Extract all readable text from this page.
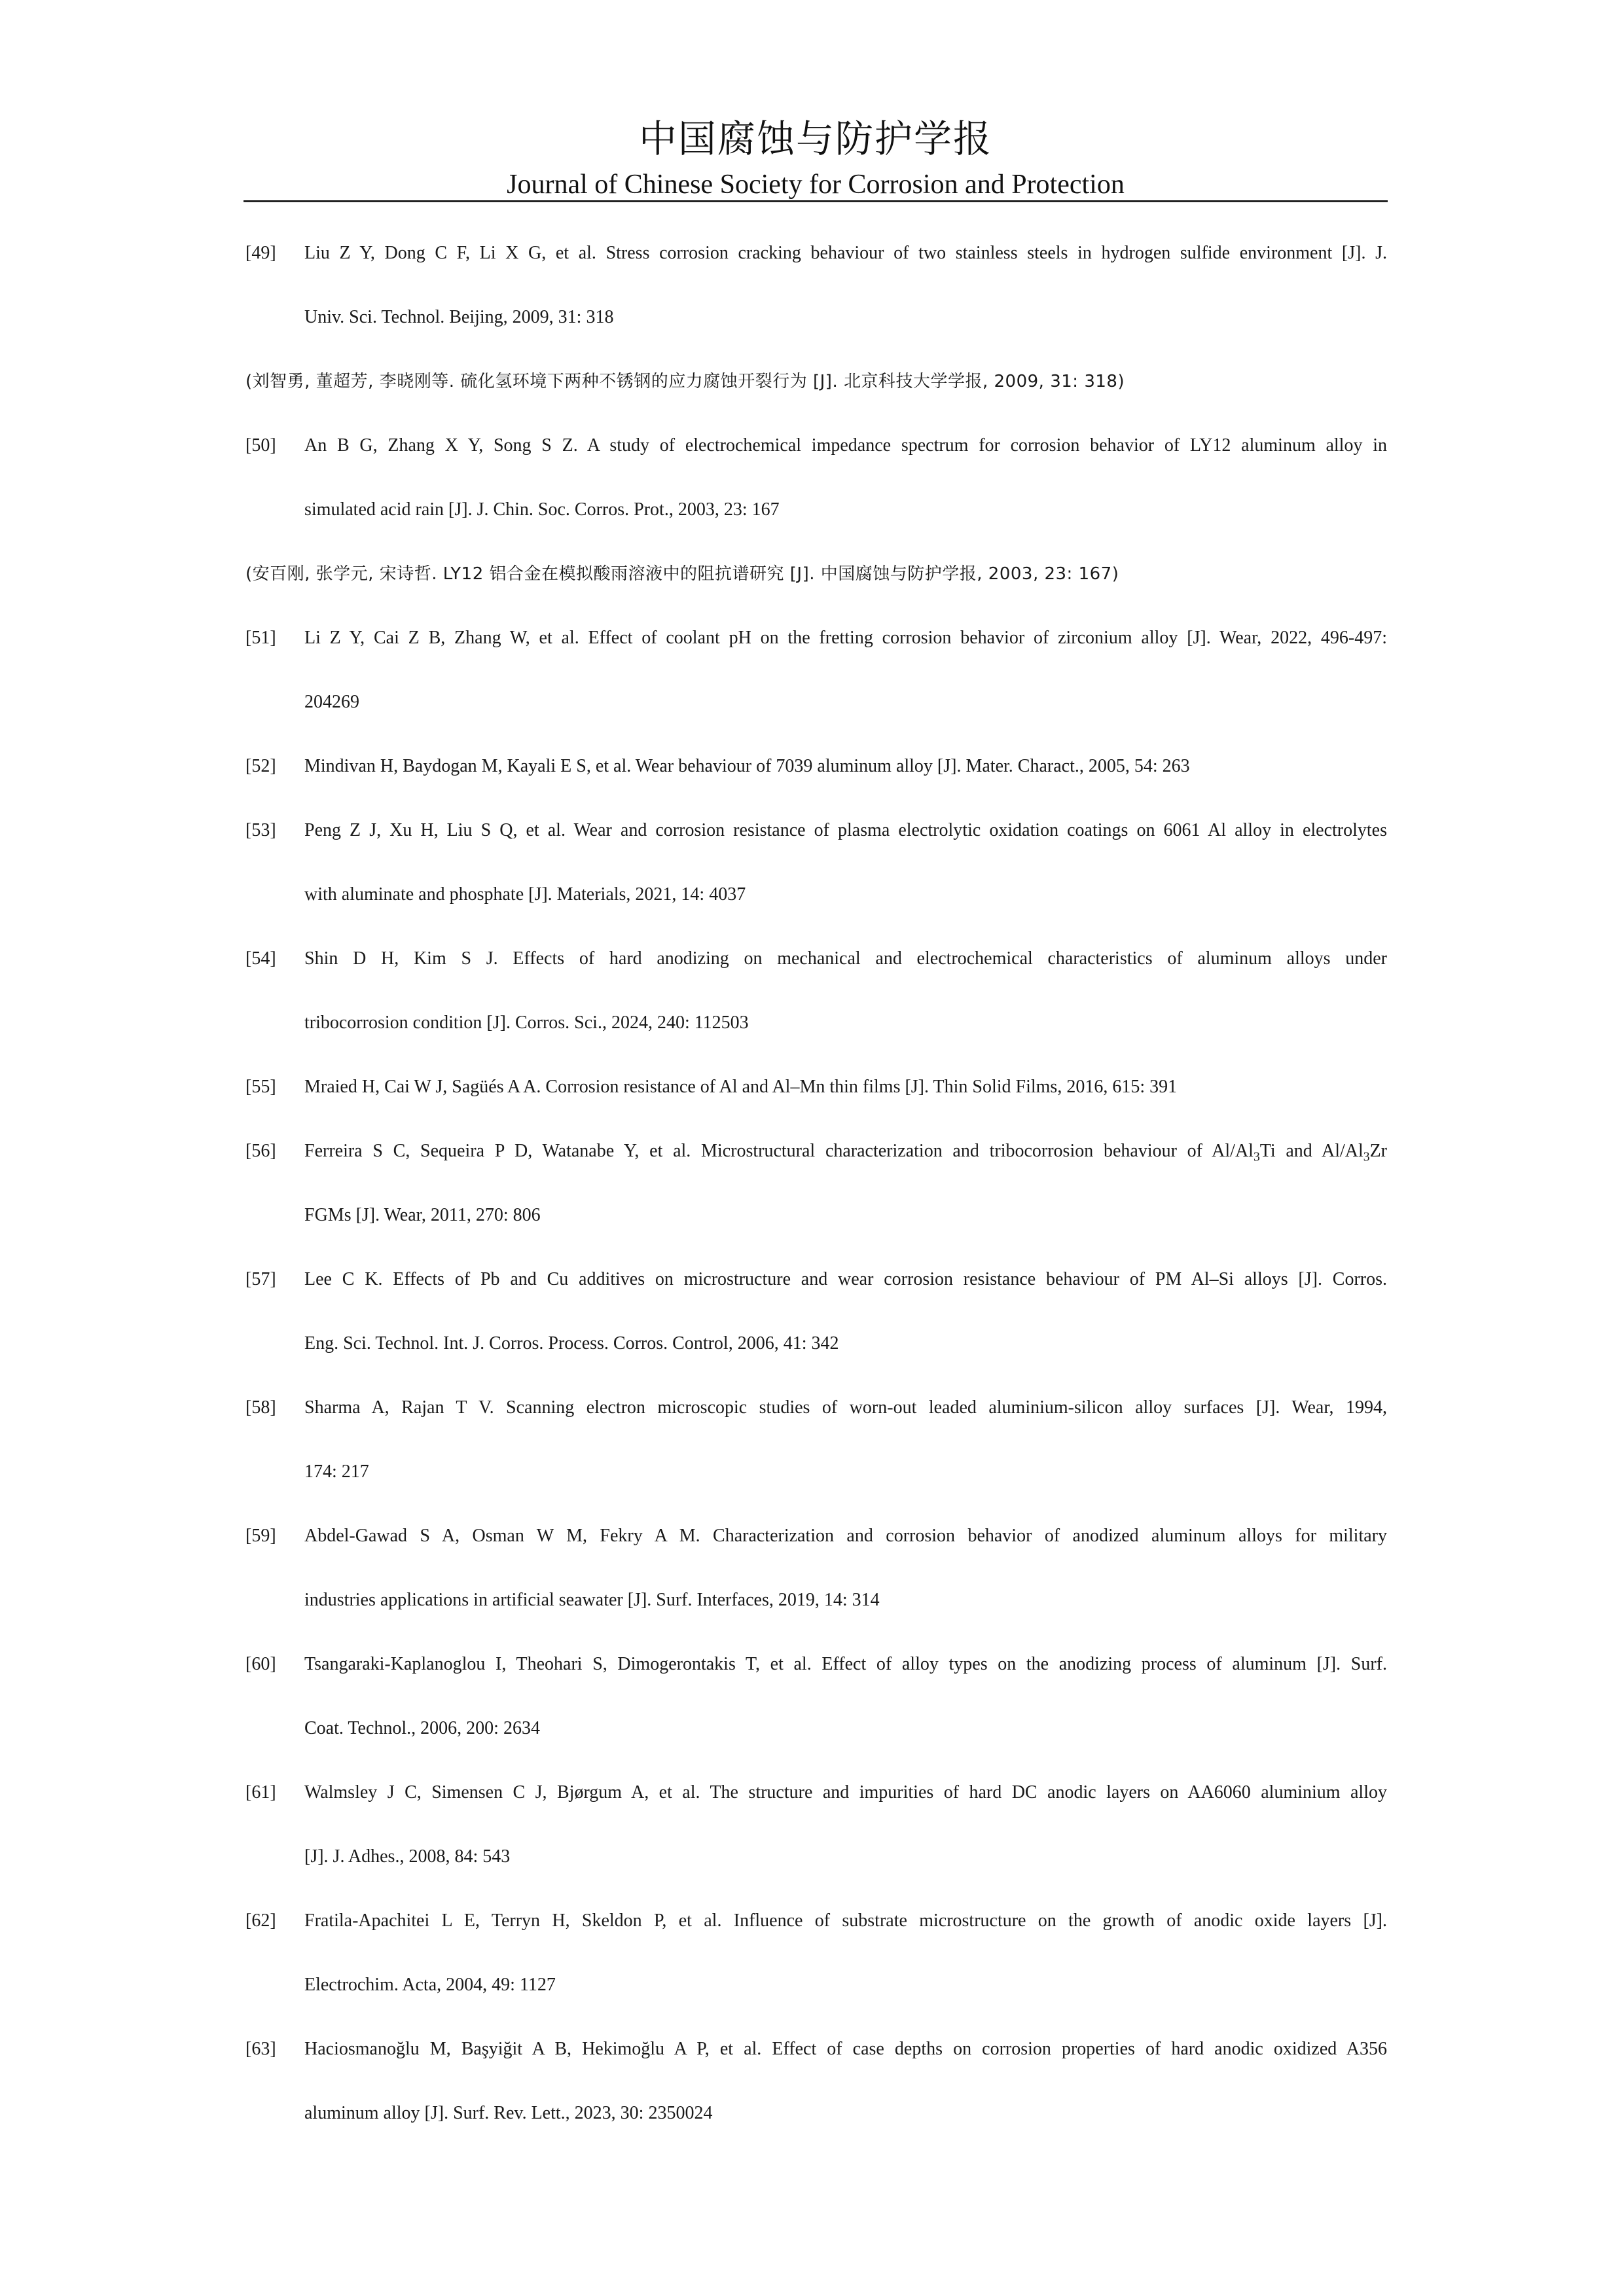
中国腐蚀与防护学报
Journal of Chinese Society for Corrosion and Protection
[49]	Liu Z Y, Dong C F, Li X G, et al. Stress corrosion cracking behaviour of two stainless steels in hydrogen sulfide environment [J]. J.
Univ. Sci. Technol. Beijing, 2009, 31: 318
(刘智勇, 董超芳, 李晓刚等. 硫化氢环境下两种不锈钢的应力腐蚀开裂行为 [J]. 北京科技大学学报, 2009, 31: 318)
[50]	An B G, Zhang X Y, Song S Z. A study of electrochemical impedance spectrum for corrosion behavior of LY12 aluminum alloy in
simulated acid rain [J]. J. Chin. Soc. Corros. Prot., 2003, 23: 167
(安百刚, 张学元, 宋诗哲. LY12 铝合金在模拟酸雨溶液中的阻抗谱研究 [J]. 中国腐蚀与防护学报, 2003, 23: 167)
[51]	Li Z Y, Cai Z B, Zhang W, et al. Effect of coolant pH on the fretting corrosion behavior of zirconium alloy [J]. Wear, 2022, 496-497:
204269
[52]	Mindivan H, Baydogan M, Kayali E S, et al. Wear behaviour of 7039 aluminum alloy [J]. Mater. Charact., 2005, 54: 263
[53]	Peng Z J, Xu H, Liu S Q, et al. Wear and corrosion resistance of plasma electrolytic oxidation coatings on 6061 Al alloy in electrolytes
with aluminate and phosphate [J]. Materials, 2021, 14: 4037
[54]	Shin D H, Kim S J. Effects of hard anodizing on mechanical and electrochemical characteristics of aluminum alloys under
tribocorrosion condition [J]. Corros. Sci., 2024, 240: 112503
[55]	Mraied H, Cai W J, Sagüés A A. Corrosion resistance of Al and Al–Mn thin films [J]. Thin Solid Films, 2016, 615: 391
[56]	Ferreira S C, Sequeira P D, Watanabe Y, et al. Microstructural characterization and tribocorrosion behaviour of $Al/Al_3Ti$ and $Al/Al_3Zr$
FGMs [J]. Wear, 2011, 270: 806
[57]	Lee C K. Effects of Pb and Cu additives on microstructure and wear corrosion resistance behaviour of PM Al–Si alloys [J]. Corros.
Eng. Sci. Technol. Int. J. Corros. Process. Corros. Control, 2006, 41: 342
[58]	Sharma A, Rajan T V. Scanning electron microscopic studies of worn-out leaded aluminium-silicon alloy surfaces [J]. Wear, 1994,
174: 217
[59]	Abdel-Gawad S A, Osman W M, Fekry A M. Characterization and corrosion behavior of anodized aluminum alloys for military
industries applications in artificial seawater [J]. Surf. Interfaces, 2019, 14: 314
[60]	Tsangaraki-Kaplanoglou I, Theohari S, Dimogerontakis T, et al. Effect of alloy types on the anodizing process of aluminum [J]. Surf.
Coat. Technol., 2006, 200: 2634
[61]	Walmsley J C, Simensen C J, Bjørgum A, et al. The structure and impurities of hard DC anodic layers on AA6060 aluminium alloy
[J]. J. Adhes., 2008, 84: 543
[62]	Fratila-Apachitei L E, Terryn H, Skeldon P, et al. Influence of substrate microstructure on the growth of anodic oxide layers [J].
Electrochim. Acta, 2004, 49: 1127
[63]	Haciosmanoğlu M, Başyiğit A B, Hekimoğlu A P, et al. Effect of case depths on corrosion properties of hard anodic oxidized A356
aluminum alloy [J]. Surf. Rev. Lett., 2023, 30: 2350024
